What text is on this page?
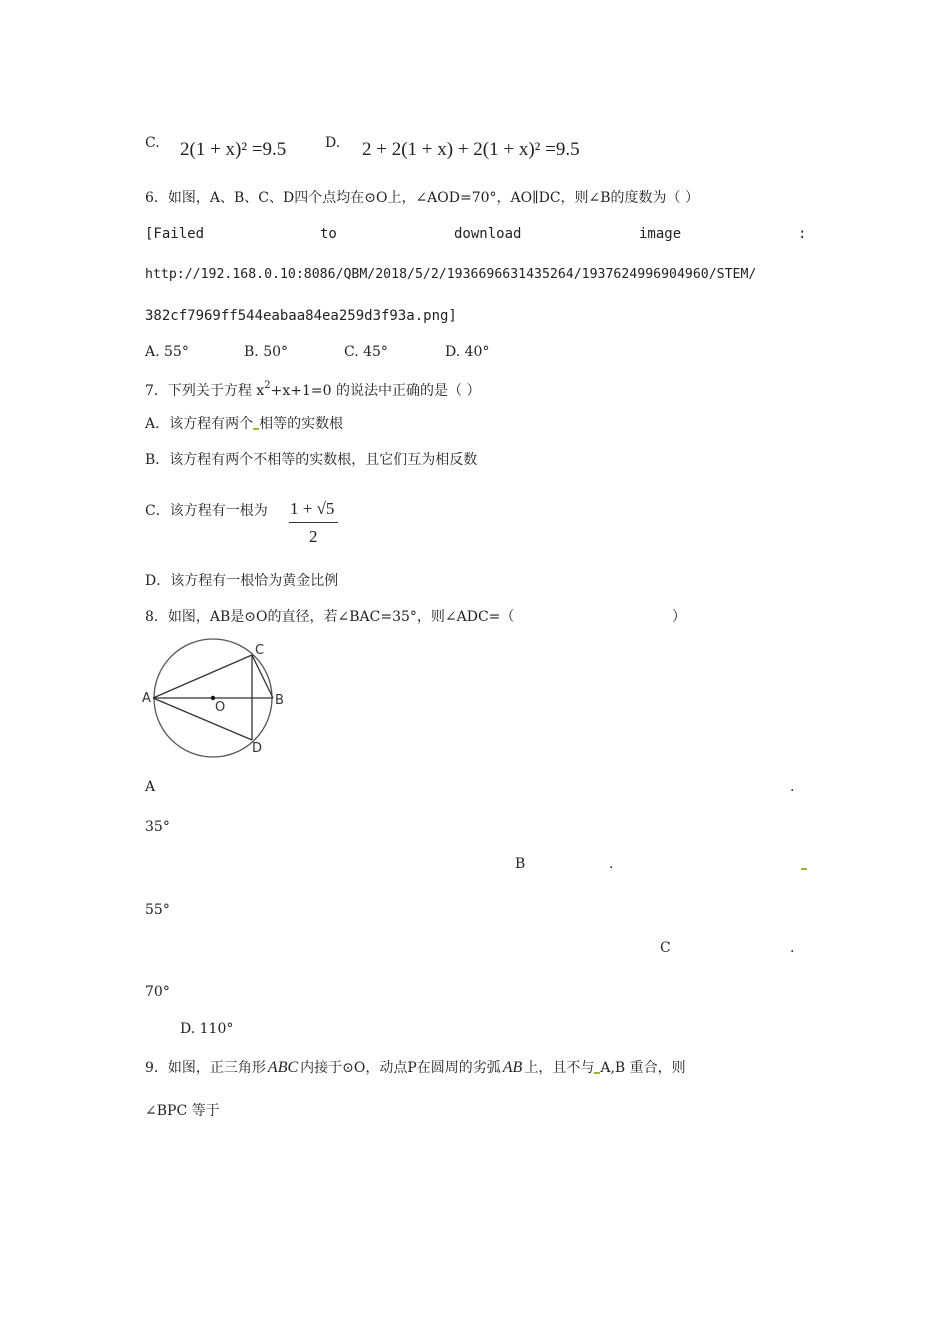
C. 2(1 + x)² =9.5	D. 2 + 2(1 + x) + 2(1 + x)² =9.5
6．如图，A、B、C、D四个点均在⊙O上，∠AOD=70°，AO∥DC，则∠B的度数为（ ）
[Failed	to	download	image	:
http://192.168.0.10:8086/QBM/2018/5/2/1936696631435264/1937624996904960/STEM/
382cf7969ff544eabaa84ea259d3f93a.png]
A. 55°	B. 50°	C. 45°	D. 40°
7．下列关于方程 $x^2+x+1=0$ 的说法中正确的是（ ）
A．该方程有两个 相等的实数根
B．该方程有两个不相等的实数根，且它们互为相反数
C．该方程有一根为 1 + √5
2
D．该方程有一根恰为黄金比例
8．如图，AB是⊙O的直径，若∠BAC=35°，则∠ADC=（	）
A	B
C
D
O
A	.
35°
B	.
55°
C	.
70°
D. 110°
9．如图，正三角形 ABC 内接于⊙O，动点P在圆周的劣弧 AB 上，且不与 A,B 重合，则
∠BPC 等于
